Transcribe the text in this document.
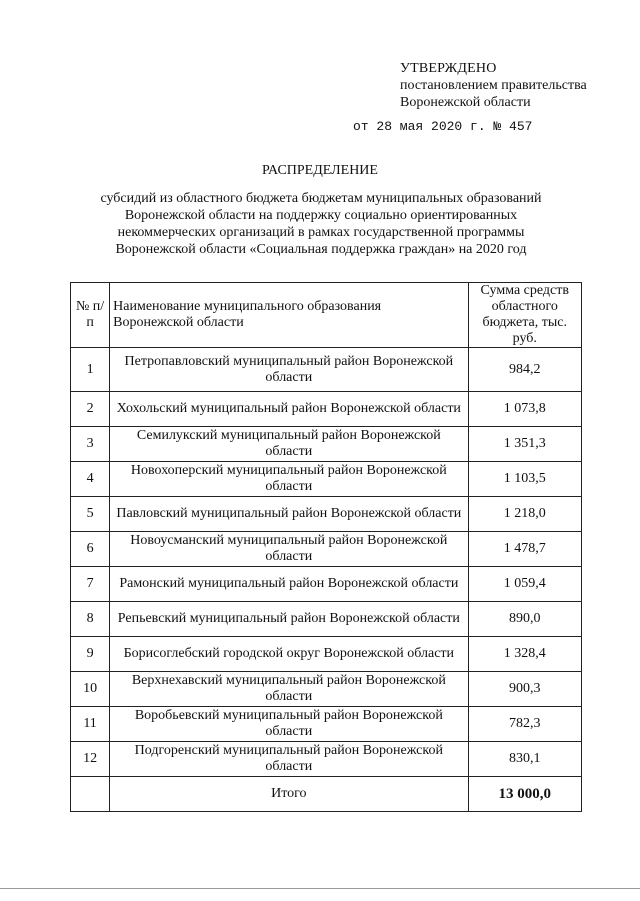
УТВЕРЖДЕНО
постановлением правительства
Воронежской области
от 28 мая 2020 г. № 457
РАСПРЕДЕЛЕНИЕ
субсидий из областного бюджета бюджетам муниципальных образований
Воронежской области на поддержку социально ориентированных
некоммерческих организаций в рамках государственной программы
Воронежской области «Социальная поддержка граждан» на 2020 год
№ п/п	Наименование муниципального образования Воронежской области	Сумма средств областного бюджета, тыс. руб.
1	Петропавловский муниципальный район Воронежской области	984,2
2	Хохольский муниципальный район Воронежской области	1 073,8
3	Семилукский муниципальный район Воронежской области	1 351,3
4	Новохоперский муниципальный район Воронежской области	1 103,5
5	Павловский муниципальный район Воронежской области	1 218,0
6	Новоусманский муниципальный район Воронежской области	1 478,7
7	Рамонский муниципальный район Воронежской области	1 059,4
8	Репьевский муниципальный район Воронежской области	890,0
9	Борисоглебский городской округ Воронежской области	1 328,4
10	Верхнехавский муниципальный район Воронежской области	900,3
11	Воробьевский муниципальный район Воронежской области	782,3
12	Подгоренский муниципальный район Воронежской области	830,1
	Итого	13 000,0
